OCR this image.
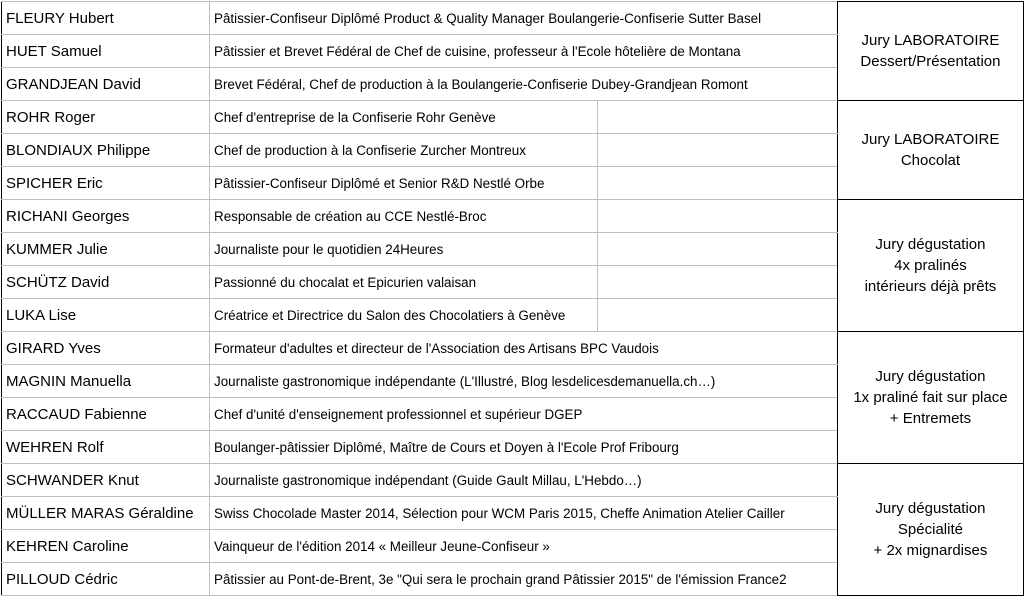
FLEURY Hubert	Pâtissier-Confiseur Diplômé Product & Quality Manager Boulangerie-Confiserie Sutter Basel	Jury LABORATOIRE
Dessert/Présentation

HUET Samuel	Pâtissier et Brevet Fédéral de Chef de cuisine, professeur à l'Ecole hôtelière de Montana	
GRANDJEAN David	Brevet Fédéral, Chef de production à la Boulangerie-Confiserie Dubey-Grandjean Romont	
ROHR Roger	Chef d'entreprise de la Confiserie Rohr Genève	Jury LABORATOIRE
Chocolat

BLONDIAUX Philippe	Chef de production à la Confiserie Zurcher Montreux	
SPICHER Eric	Pâtissier-Confiseur Diplômé et Senior R&D Nestlé Orbe	
RICHANI Georges	Responsable de création au CCE Nestlé-Broc	Jury dégustation
4x pralinés
intérieurs déjà prêts

KUMMER Julie	Journaliste pour le quotidien 24Heures	
SCHÜTZ David	Passionné du chocalat et Epicurien valaisan	
LUKA Lise	Créatrice et Directrice du Salon des Chocolatiers à Genève	
GIRARD Yves	Formateur d'adultes et directeur de l'Association des Artisans BPC Vaudois	Jury dégustation
1x praliné fait sur place
+ Entremets

MAGNIN Manuella	Journaliste gastronomique indépendante (L'Illustré, Blog lesdelicesdemanuella.ch…)	
RACCAUD Fabienne	Chef d'unité d'enseignement professionnel et supérieur DGEP	
WEHREN Rolf	Boulanger-pâtissier Diplômé, Maître de Cours et Doyen à l'Ecole Prof Fribourg	
SCHWANDER Knut	Journaliste gastronomique indépendant (Guide Gault Millau, L'Hebdo…)	Jury dégustation
Spécialité
+ 2x mignardises

MÜLLER MARAS Géraldine	Swiss Chocolade Master 2014, Sélection pour WCM Paris 2015, Cheffe Animation Atelier Cailler	
KEHREN Caroline	Vainqueur de l'édition 2014 « Meilleur Jeune-Confiseur »	
PILLOUD Cédric	Pâtissier au Pont-de-Brent, 3e "Qui sera le prochain grand Pâtissier 2015" de l'émission France2	
